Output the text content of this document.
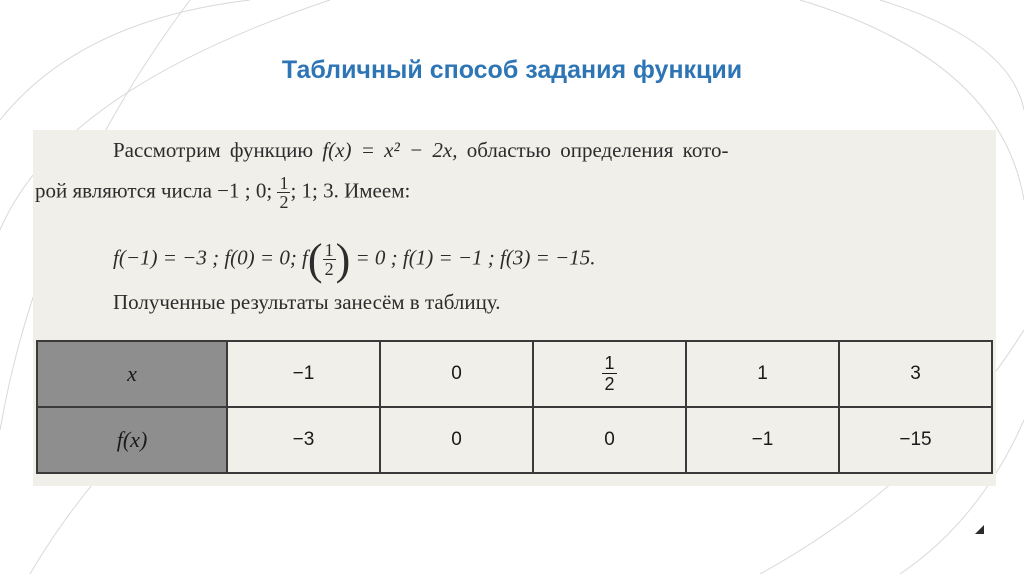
Табличный способ задания функции
Рассмотрим функцию f(x) = x² − 2x, областью определения кото-
рой являются числа −1 ; 0; $\frac{1}{2}$ ; 1; 3. Имеем:
f(−1) = −3 ; f(0) = 0; $f( \frac{1}{2}$ ) = 0 ; f(1) = −1 ; f(3) = −15.
Полученные результаты занесём в таблицу.
x	−1	0	$\frac{1}{2}$	1	3
f(x)	−3	0	0	−1	−15
